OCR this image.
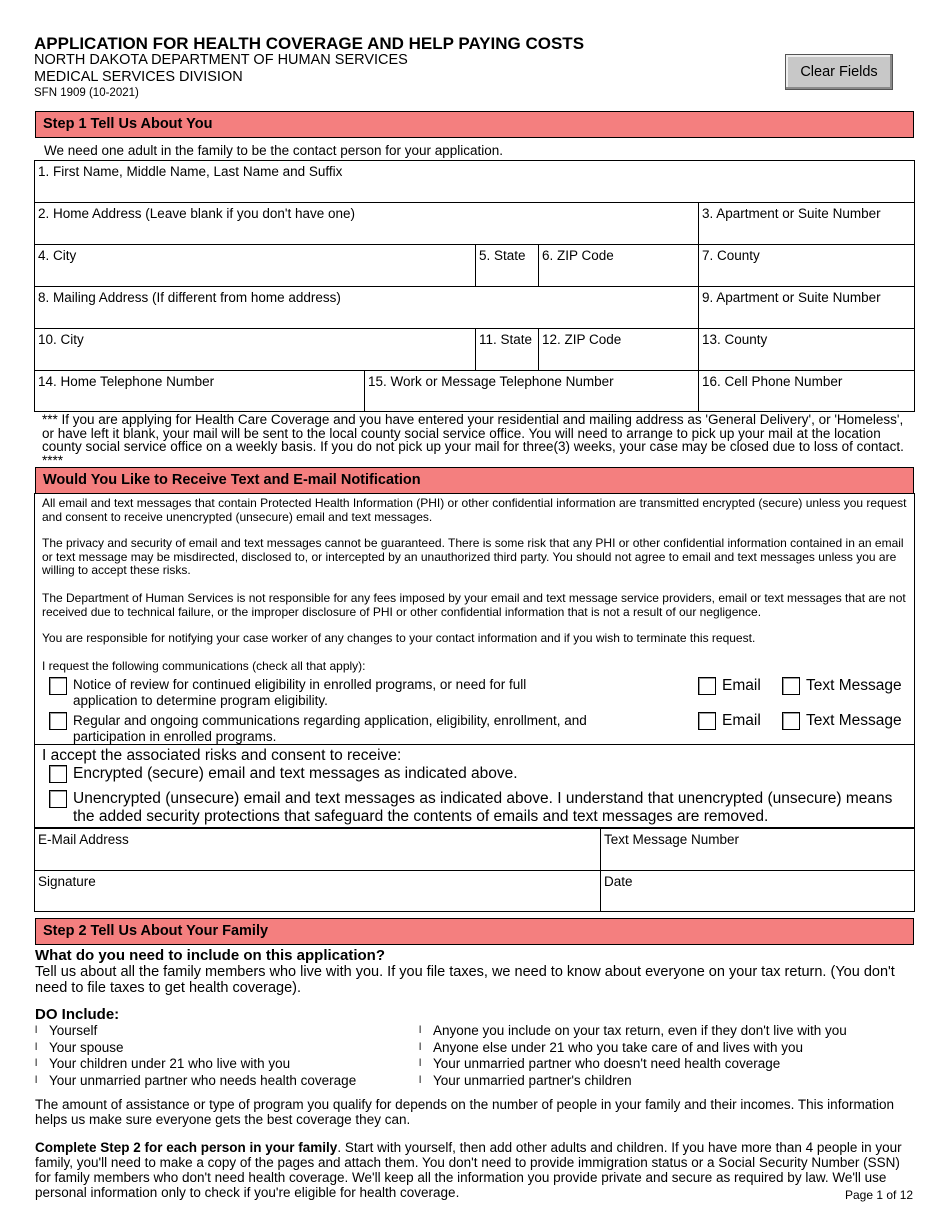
APPLICATION FOR HEALTH COVERAGE AND HELP PAYING COSTS
NORTH DAKOTA DEPARTMENT OF HUMAN SERVICES
MEDICAL SERVICES DIVISION
SFN 1909 (10-2021)
Clear Fields
Step 1 Tell Us About You
We need one adult in the family to be the contact person for your application.
1. First Name, Middle Name, Last Name and Suffix
2. Home Address (Leave blank if you don't have one)	3. Apartment or Suite Number
4. City	5. State 6. ZIP Code	7. County
8. Mailing Address (If different from home address)	9. Apartment or Suite Number
10. City	11. State 12. ZIP Code	13. County
14. Home Telephone Number	15. Work or Message Telephone Number	16. Cell Phone Number
*** If you are applying for Health Care Coverage and you have entered your residential and mailing address as 'General Delivery', or 'Homeless', or have left it blank, your mail will be sent to the local county social service office. You will need to arrange to pick up your mail at the location county social service office on a weekly basis. If you do not pick up your mail for three(3) weeks, your case may be closed due to loss of contact. ****
Would You Like to Receive Text and E-mail Notification
All email and text messages that contain Protected Health Information (PHI) or other confidential information are transmitted encrypted (secure) unless you request and consent to receive unencrypted (unsecure) email and text messages.
The privacy and security of email and text messages cannot be guaranteed. There is some risk that any PHI or other confidential information contained in an email or text message may be misdirected, disclosed to, or intercepted by an unauthorized third party. You should not agree to email and text messages unless you are willing to accept these risks.
The Department of Human Services is not responsible for any fees imposed by your email and text message service providers, email or text messages that are not received due to technical failure, or the improper disclosure of PHI or other confidential information that is not a result of our negligence.
You are responsible for notifying your case worker of any changes to your contact information and if you wish to terminate this request.
I request the following communications (check all that apply):
Notice of review for continued eligibility in enrolled programs, or need for full application to determine program eligibility.
Email	Text Message
Regular and ongoing communications regarding application, eligibility, enrollment, and participation in enrolled programs.
Email	Text Message
I accept the associated risks and consent to receive:
Encrypted (secure) email and text messages as indicated above.
Unencrypted (unsecure) email and text messages as indicated above. I understand that unencrypted (unsecure) means the added security protections that safeguard the contents of emails and text messages are removed.
E-Mail Address	Text Message Number
Signature	Date
Step 2 Tell Us About Your Family
What do you need to include on this application?
Tell us about all the family members who live with you. If you file taxes, we need to know about everyone on your tax return. (You don't need to file taxes to get health coverage).
DO Include:
l Yourself
l Your spouse
l Your children under 21 who live with you
l Your unmarried partner who needs health coverage
l Anyone you include on your tax return, even if they don't live with you
l Anyone else under 21 who you take care of and lives with you
l Your unmarried partner who doesn't need health coverage
l Your unmarried partner's children
The amount of assistance or type of program you qualify for depends on the number of people in your family and their incomes. This information helps us make sure everyone gets the best coverage they can.
Complete Step 2 for each person in your family. Start with yourself, then add other adults and children. If you have more than 4 people in your family, you'll need to make a copy of the pages and attach them. You don't need to provide immigration status or a Social Security Number (SSN) for family members who don't need health coverage. We'll keep all the information you provide private and secure as required by law. We'll use personal information only to check if you're eligible for health coverage.	Page 1 of 12
